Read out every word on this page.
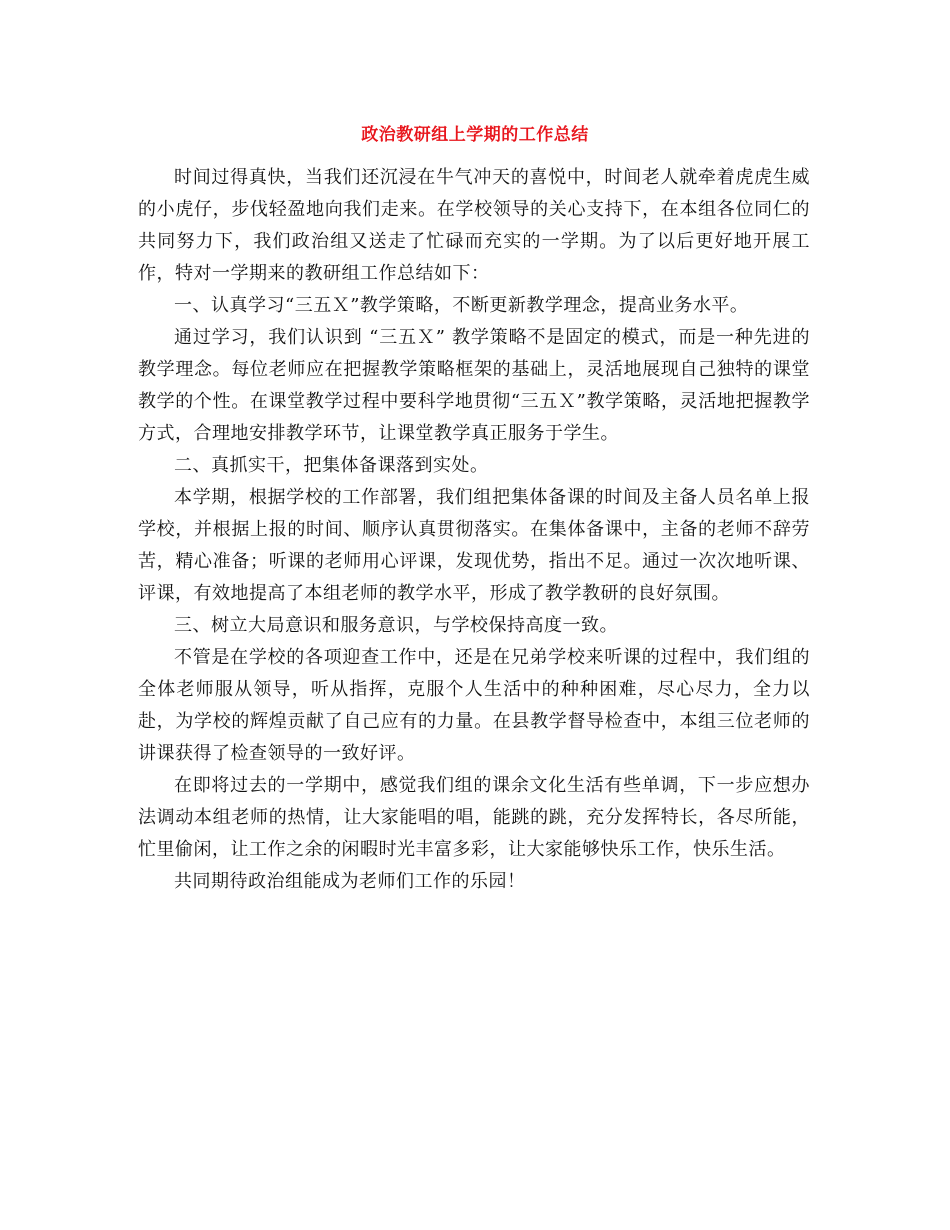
政治教研组上学期的工作总结

时间过得真快，当我们还沉浸在牛气冲天的喜悦中，时间老人就牵着虎虎生威的小虎仔，步伐轻盈地向我们走来。在学校领导的关心支持下，在本组各位同仁的共同努力下，我们政治组又送走了忙碌而充实的一学期。为了以后更好地开展工作，特对一学期来的教研组工作总结如下：

一、认真学习“三五Ｘ”教学策略，不断更新教学理念，提高业务水平。

通过学习，我们认识到 “三五Ｘ” 教学策略不是固定的模式，而是一种先进的教学理念。每位老师应在把握教学策略框架的基础上，灵活地展现自己独特的课堂教学的个性。在课堂教学过程中要科学地贯彻“三五Ｘ”教学策略，灵活地把握教学方式，合理地安排教学环节，让课堂教学真正服务于学生。

二、真抓实干，把集体备课落到实处。

本学期，根据学校的工作部署，我们组把集体备课的时间及主备人员名单上报学校，并根据上报的时间、顺序认真贯彻落实。在集体备课中，主备的老师不辞劳苦，精心准备；听课的老师用心评课，发现优势，指出不足。通过一次次地听课、评课，有效地提高了本组老师的教学水平，形成了教学教研的良好氛围。

三、树立大局意识和服务意识，与学校保持高度一致。

不管是在学校的各项迎查工作中，还是在兄弟学校来听课的过程中，我们组的全体老师服从领导，听从指挥，克服个人生活中的种种困难，尽心尽力，全力以赴，为学校的辉煌贡献了自己应有的力量。在县教学督导检查中，本组三位老师的讲课获得了检查领导的一致好评。

在即将过去的一学期中，感觉我们组的课余文化生活有些单调，下一步应想办法调动本组老师的热情，让大家能唱的唱，能跳的跳，充分发挥特长，各尽所能，忙里偷闲，让工作之余的闲暇时光丰富多彩，让大家能够快乐工作，快乐生活。

共同期待政治组能成为老师们工作的乐园！
